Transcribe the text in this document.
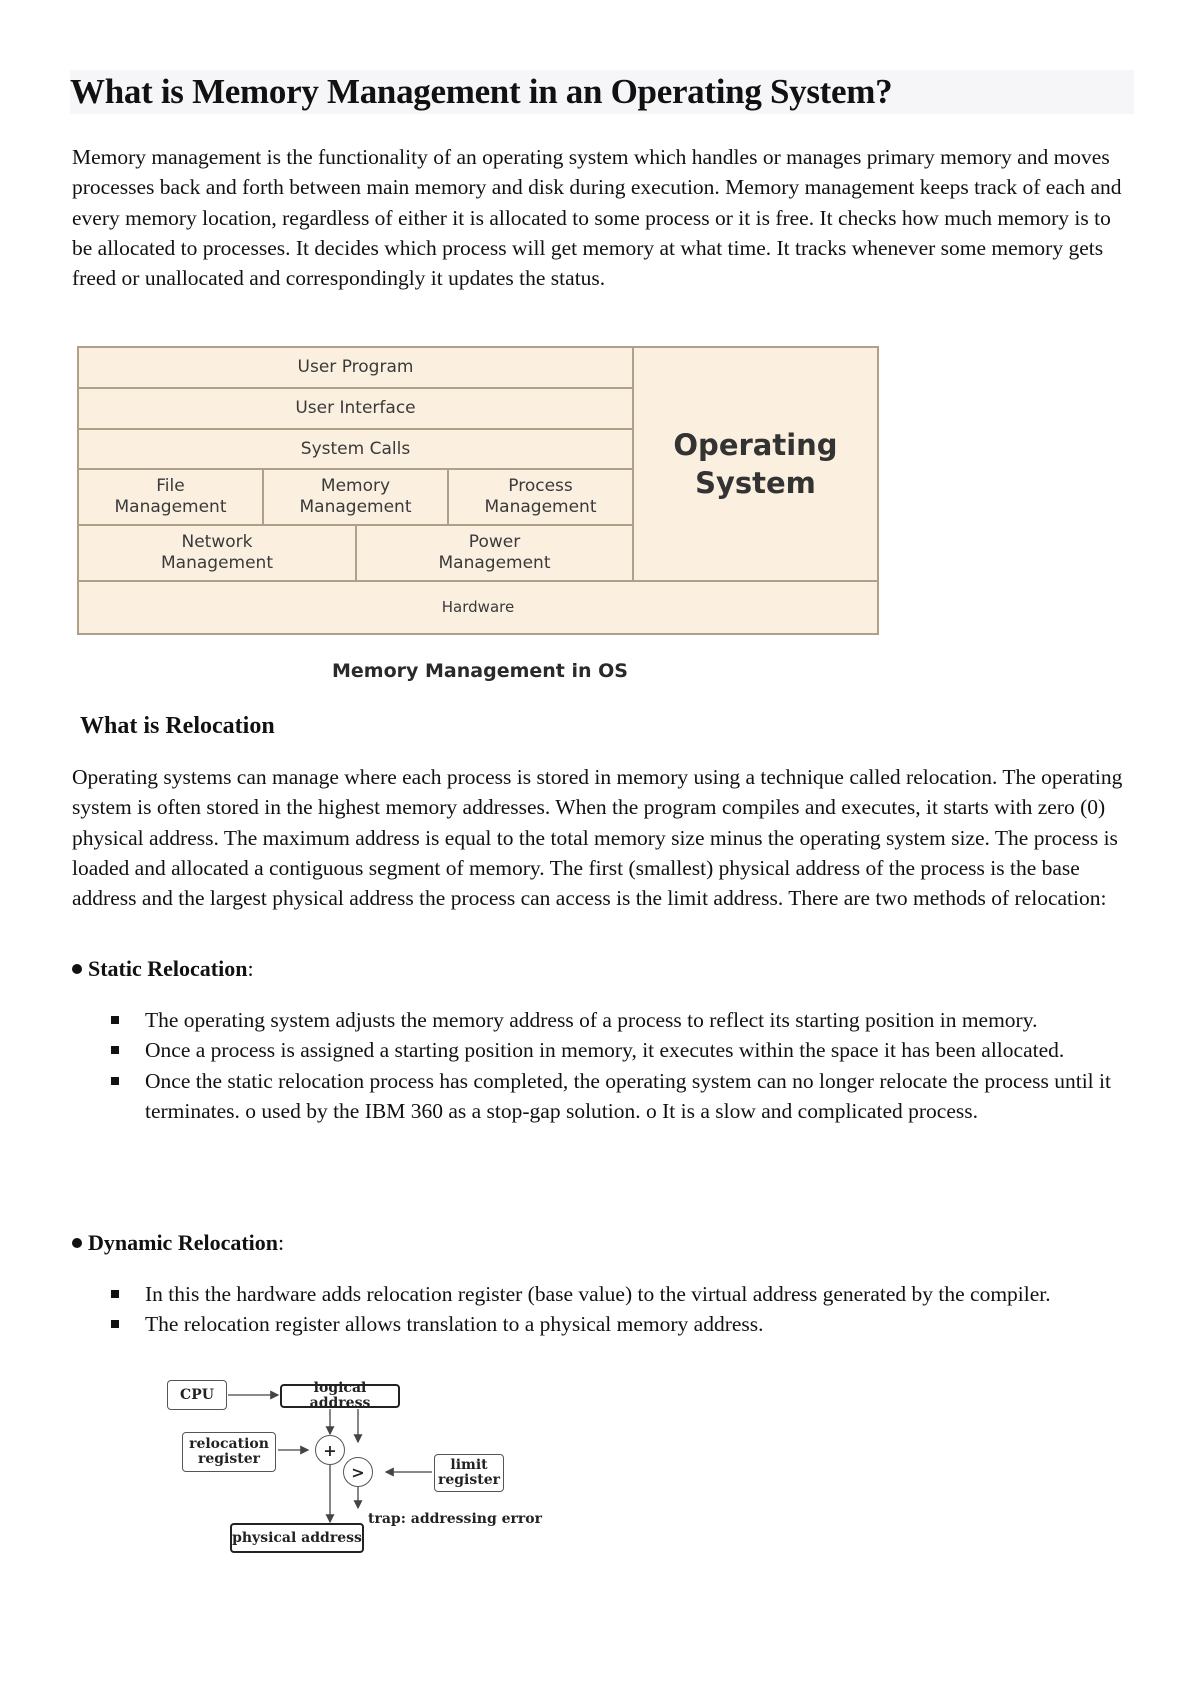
What is Memory Management in an Operating System?

Memory management is the functionality of an operating system which handles or manages primary memory and moves processes back and forth between main memory and disk during execution. Memory management keeps track of each and every memory location, regardless of either it is allocated to some process or it is free. It checks how much memory is to be allocated to processes. It decides which process will get memory at what time. It tracks whenever some memory gets freed or unallocated and correspondingly it updates the status.

User Program
User Interface
System Calls
File
Management
Memory
Management
Process
Management
Network
Management
Power
Management
Operating
System
Hardware

Memory Management in OS

What is Relocation

Operating systems can manage where each process is stored in memory using a technique called relocation. The operating system is often stored in the highest memory addresses. When the program compiles and executes, it starts with zero (0) physical address. The maximum address is equal to the total memory size minus the operating system size. The process is loaded and allocated a contiguous segment of memory. The first (smallest) physical address of the process is the base address and the largest physical address the process can access is the limit address. There are two methods of relocation:

Static Relocation:
The operating system adjusts the memory address of a process to reflect its starting position in memory.
Once a process is assigned a starting position in memory, it executes within the space it has been allocated.
Once the static relocation process has completed, the operating system can no longer relocate the process until it terminates. o used by the IBM 360 as a stop-gap solution. o It is a slow and complicated process.
Dynamic Relocation:
In this the hardware adds relocation register (base value) to the virtual address generated by the compiler.
The relocation register allows translation to a physical memory address.
CPU	logical address
relocation
register	+
>	limit
register
trap: addressing error
physical address
